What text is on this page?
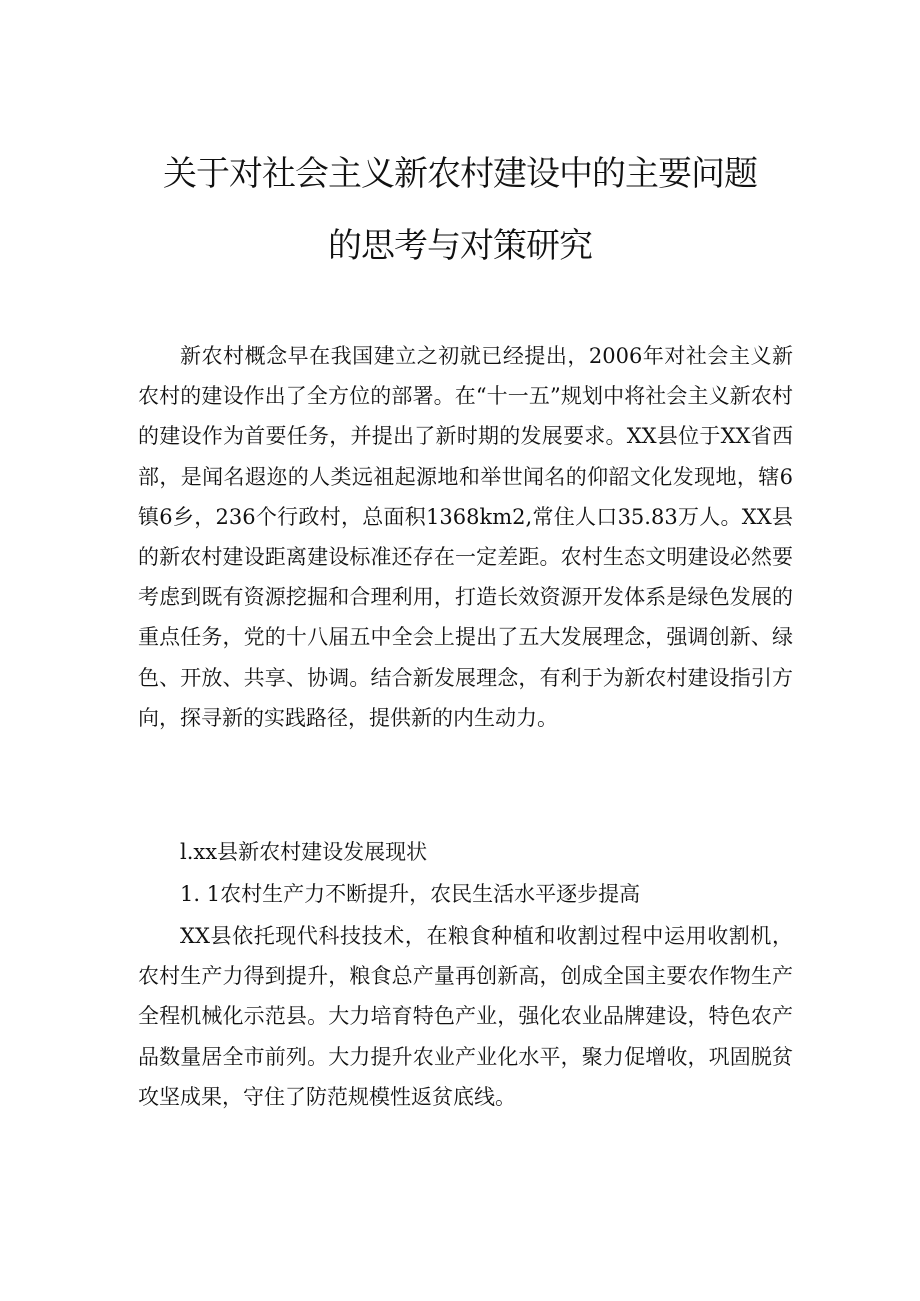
关于对社会主义新农村建设中的主要问题
的思考与对策研究

新农村概念早在我国建立之初就已经提出，2006年对社会主义新农村的建设作出了全方位的部署。在“十一五”规划中将社会主义新农村的建设作为首要任务，并提出了新时期的发展要求。XX县位于XX省西部，是闻名遐迩的人类远祖起源地和举世闻名的仰韶文化发现地，辖6镇6乡，236个行政村，总面积1368km2,常住人口35.83万人。XX县的新农村建设距离建设标准还存在一定差距。农村生态文明建设必然要考虑到既有资源挖掘和合理利用，打造长效资源开发体系是绿色发展的重点任务，党的十八届五中全会上提出了五大发展理念，强调创新、绿色、开放、共享、协调。结合新发展理念，有利于为新农村建设指引方向，探寻新的实践路径，提供新的内生动力。

l.xx县新农村建设发展现状

1. 1农村生产力不断提升，农民生活水平逐步提高

XX县依托现代科技技术，在粮食种植和收割过程中运用收割机，农村生产力得到提升，粮食总产量再创新高，创成全国主要农作物生产全程机械化示范县。大力培育特色产业，强化农业品牌建设，特色农产品数量居全市前列。大力提升农业产业化水平，聚力促增收，巩固脱贫攻坚成果，守住了防范规模性返贫底线。
